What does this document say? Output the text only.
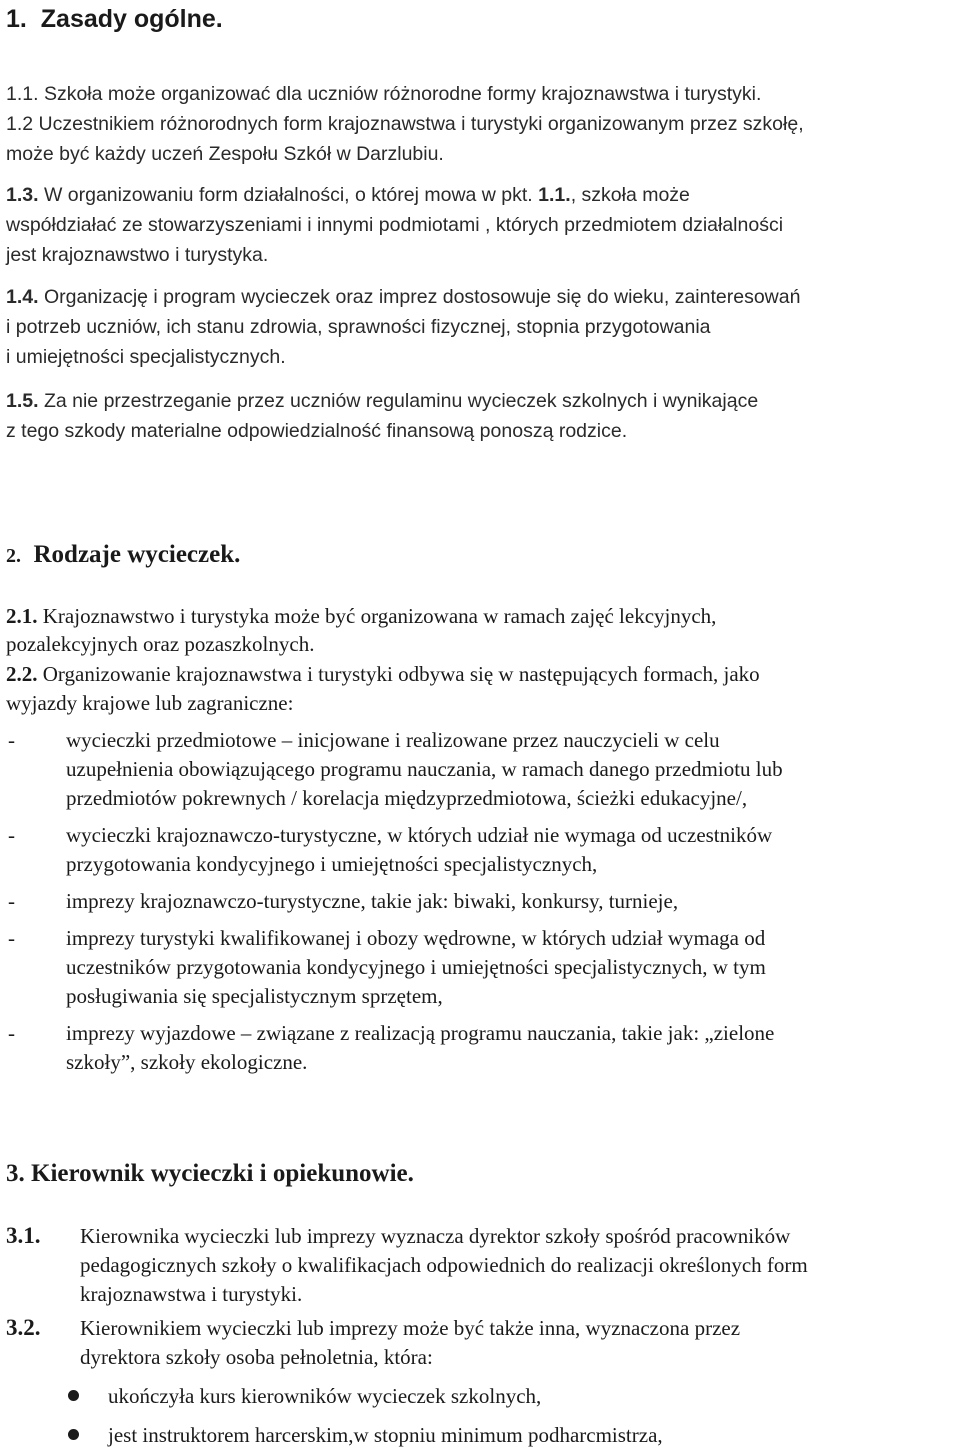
1. Zasady ogólne.
1.1. Szkoła może organizować dla uczniów różnorodne formy krajoznawstwa i turystyki.
1.2 Uczestnikiem różnorodnych form krajoznawstwa i turystyki organizowanym przez szkołę,
może być każdy uczeń Zespołu Szkół w Darzlubiu.
1.3. W organizowaniu form działalności, o której mowa w pkt. 1.1., szkoła może
współdziałać ze stowarzyszeniami i innymi podmiotami , których przedmiotem działalności
jest krajoznawstwo i turystyka.
1.4. Organizację i program wycieczek oraz imprez dostosowuje się do wieku, zainteresowań
i potrzeb uczniów, ich stanu zdrowia, sprawności fizycznej, stopnia przygotowania
i umiejętności specjalistycznych.
1.5. Za nie przestrzeganie przez uczniów regulaminu wycieczek szkolnych i wynikające
z tego szkody materialne odpowiedzialność finansową ponoszą rodzice.
2. Rodzaje wycieczek.
2.1. Krajoznawstwo i turystyka może być organizowana w ramach zajęć lekcyjnych,
pozalekcyjnych oraz pozaszkolnych.
2.2. Organizowanie krajoznawstwa i turystyki odbywa się w następujących formach, jako
wyjazdy krajowe lub zagraniczne:
- wycieczki przedmiotowe – inicjowane i realizowane przez nauczycieli w celu
uzupełnienia obowiązującego programu nauczania, w ramach danego przedmiotu lub
przedmiotów pokrewnych / korelacja międzyprzedmiotowa, ścieżki edukacyjne/,
- wycieczki krajoznawczo-turystyczne, w których udział nie wymaga od uczestników
przygotowania kondycyjnego i umiejętności specjalistycznych,
- imprezy krajoznawczo-turystyczne, takie jak: biwaki, konkursy, turnieje,
- imprezy turystyki kwalifikowanej i obozy wędrowne, w których udział wymaga od
uczestników przygotowania kondycyjnego i umiejętności specjalistycznych, w tym
posługiwania się specjalistycznym sprzętem,
- imprezy wyjazdowe – związane z realizacją programu nauczania, takie jak: „zielone
szkoły”, szkoły ekologiczne.
3. Kierownik wycieczki i opiekunowie.
3.1. Kierownika wycieczki lub imprezy wyznacza dyrektor szkoły spośród pracowników
pedagogicznych szkoły o kwalifikacjach odpowiednich do realizacji określonych form
krajoznawstwa i turystyki.
3.2. Kierownikiem wycieczki lub imprezy może być także inna, wyznaczona przez
dyrektora szkoły osoba pełnoletnia, która:
ukończyła kurs kierowników wycieczek szkolnych,
jest instruktorem harcerskim,w stopniu minimum podharcmistrza,
